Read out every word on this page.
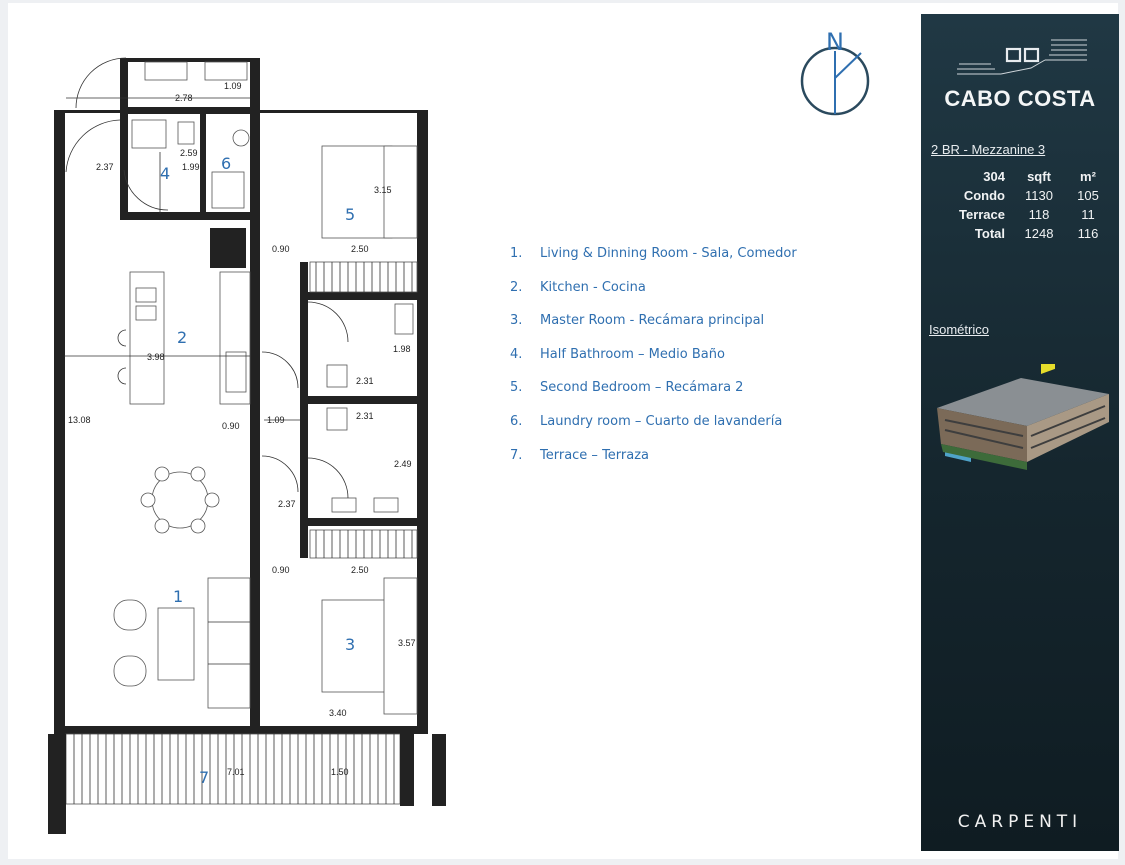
1
2
3
4
5
6
7
2.78
1.09
2.37
2.59
1.99
3.15
0.90	2.50
3.98
1.98
2.31
1.09
0.90
2.31
13.08
2.49
2.37
0.90	2.50
3.57
3.40
7.01	1.50
N
1.	Living & Dinning Room - Sala, Comedor
2.	Kitchen - Cocina
3.	Master Room - Recámara principal
4.	Half Bathroom – Medio Baño
5.	Second Bedroom – Recámara 2
6.	Laundry room – Cuarto de lavandería
7.	Terrace – Terraza
CABO COSTA
2 BR - Mezzanine 3
304	sqft	m²
Condo	1130	105
Terrace	118	11
Total	1248	116
Isométrico
CARPENTI
